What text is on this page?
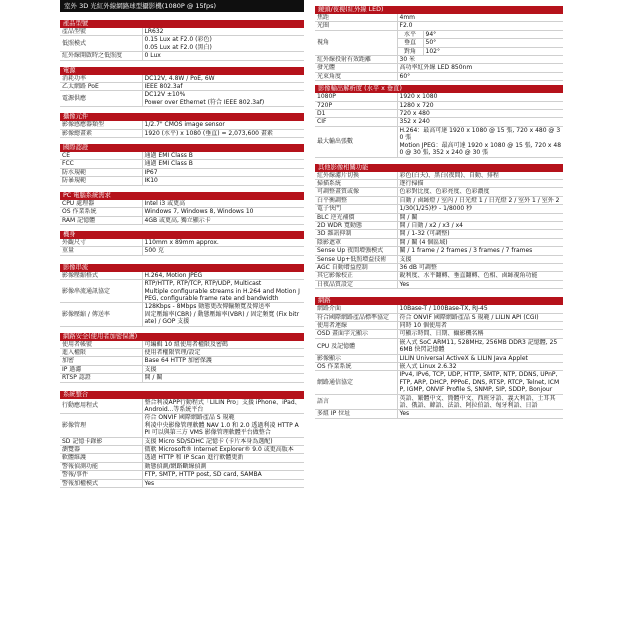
室外 3D 光紅外線網路球型攝影機(1080P @ 15fps)
產品型號
產品型號	LR632
低照模式	0.15 Lux at F2.0 (彩色)
0.05 Lux at F2.0 (黑白)
紅外線開啟時之低照度	0 Lux
電源
消耗功率	DC12V, 4.8W / PoE, 6W
乙太網路 PoE	IEEE 802.3af
電源供應	DC12V ±10%
Power over Ethernet (符合 IEEE 802.3af)
攝像元件
影像感應器類型	1/2.7" CMOS image sensor
影像總畫素	1920 (水平) x 1080 (垂直) = 2,073,600 畫素
國際認證
CE	通過 EMI Class B
FCC	通過 EMI Class B
防水規範	IP67
防暴規範	IK10
PC 電腦系統需求
CPU 處理器	Intel i3 或更高
OS 作業系統	Windows 7, Windows 8, Windows 10
RAM 記憶體	4GB 或更高, 獨立顯示卡
機身
外觀尺寸	110mm x 89mm approx.
重量	500 克
影像串流
影像壓縮格式	H.264, Motion JPEG
影像串流通訊協定	RTP/HTTP, RTP/TCP, RTP/UDP, Multicast
Multiple configurable streams in H.264 and Motion JPEG, configurable frame rate and bandwidth
影像壓縮 / 傳送率	128Kbps - 8Mbps 動態更改傳輸頻寬及傳送率
固定壓縮率(CBR) / 動態壓縮率(VBR) / 固定頻寬 (Fix bitrate) / GOP 支援
網路安全(使用者加密保護)
使用者帳號	可編輯 10 組使用者權限及密碼
進入權限	使用者權限管理/設定
加密	Base 64 HTTP 加密保護
IP 過濾	支援
RTSP 認證	開 / 關
系統整合
行動應用程式	整合利凌APP行動程式「LILIN Pro」支援 iPhone、iPad、Android...等系統平台
影像管理	符合 ONVIF 國際網路產品 S 規範
利凌中央影像管理軟體 NAV 1.0 和 2.0 透過利凌 HTTP API 可以與第三方 VMS 影像管理軟體平台做整合
SD 記憶卡錄影	支援 Micro SD/SDHC 記憶卡 (卡片本身為選配)
瀏覽器	微軟 Microsoft® Internet Explorer® 9.0 或更高版本
軟體維護	透過 HTTP 和 IP Scan 進行軟體更新
警報偵測功能	動態偵測/網路斷線偵測
警報/事件	FTP, SMTP, HTTP post, SD card, SAMBA
警報加權模式	Yes
鏡頭/夜視(紅外線 LED)
焦距	4mm	
光圈	F2.0	
視角	水平	94°
	垂直	50°
	對角	102°
紅外線投射有效距離	30 米	
發光體	高功率紅外線 LED 850nm	
光束角度	60°	
影像輸出解析度 (水平 x 垂直)
1080P	1920 x 1080
720P	1280 x 720
D1	720 x 480
CIF	352 x 240
最大輸出張數	H.264：最高可達 1920 x 1080 @ 15 張, 720 x 480 @ 30 張
Motion JPEG：最高可達 1920 x 1080 @ 15 張, 720 x 480 @ 30 張, 352 x 240 @ 30 張
其他影像相關功能
紅外線濾片切換	彩色(白天)、黑白(夜間)、自動、排程
掃描系統	逐行掃描
可調整畫質或像	色彩對比度、色彩亮度、色彩濃度
白平衡調整	自動 / 鹵絲燈 / 室內 / 日光燈 1 / 日光燈 2 / 室外 1 / 室外 2
電子快門	1/30(1/25)秒 - 1/8000 秒
BLC 逆光補償	開 / 關
2D WDR 寬動態	開 / 自動 / x2 / x3 / x4
3D 雜訊抑制	開 / 1-32 (可調整)
陰影遮罩	開 / 關 (4 個區域)
Sense Up 夜間增強模式	關 / 1 frame / 2 frames / 3 frames / 7 frames
Sense Up+低照增益技術	支援
AGC 自動增益控制	36 dB 可調整
其它影像校正	銳利度、水平翻轉、垂直翻轉、色相、鹵絲視角功能
日夜品質設定	Yes
網路
網路介面	10Base-T / 100Base-TX, RJ-45
符合國際網路產品標準協定	符合 ONVIF 國際網路產品 S 規範 / LILIN API (CGI)
使用者連線	同時 10 個使用者
OSD 畫面字元顯示	可顯示時間、日期、攝影機名稱
CPU 及記憶體	嵌入式 SoC ARM11, 528MHz, 256MB DDR3 記憶體, 256MB 快閃記憶體
影像顯示	LILIN Universal ActiveX & LILIN Java Applet
OS 作業系統	嵌入式 Linux 2.6.32
網路通信協定	IPv4, IPv6, TCP, UDP, HTTP, SMTP, NTP, DDNS, UPnP, FTP, ARP, DHCP, PPPoE, DNS, RTSP, RTCP, Telnet, ICMP, IGMP, ONVIF Profile S, SNMP, SIP, SDDP, Bonjour
語言	英語、繁體中文、簡體中文、西班牙語、義大利語、土耳其語、俄語、韓語、法語、阿拉伯語、匈牙利語、日語
多組 IP 位址	Yes
